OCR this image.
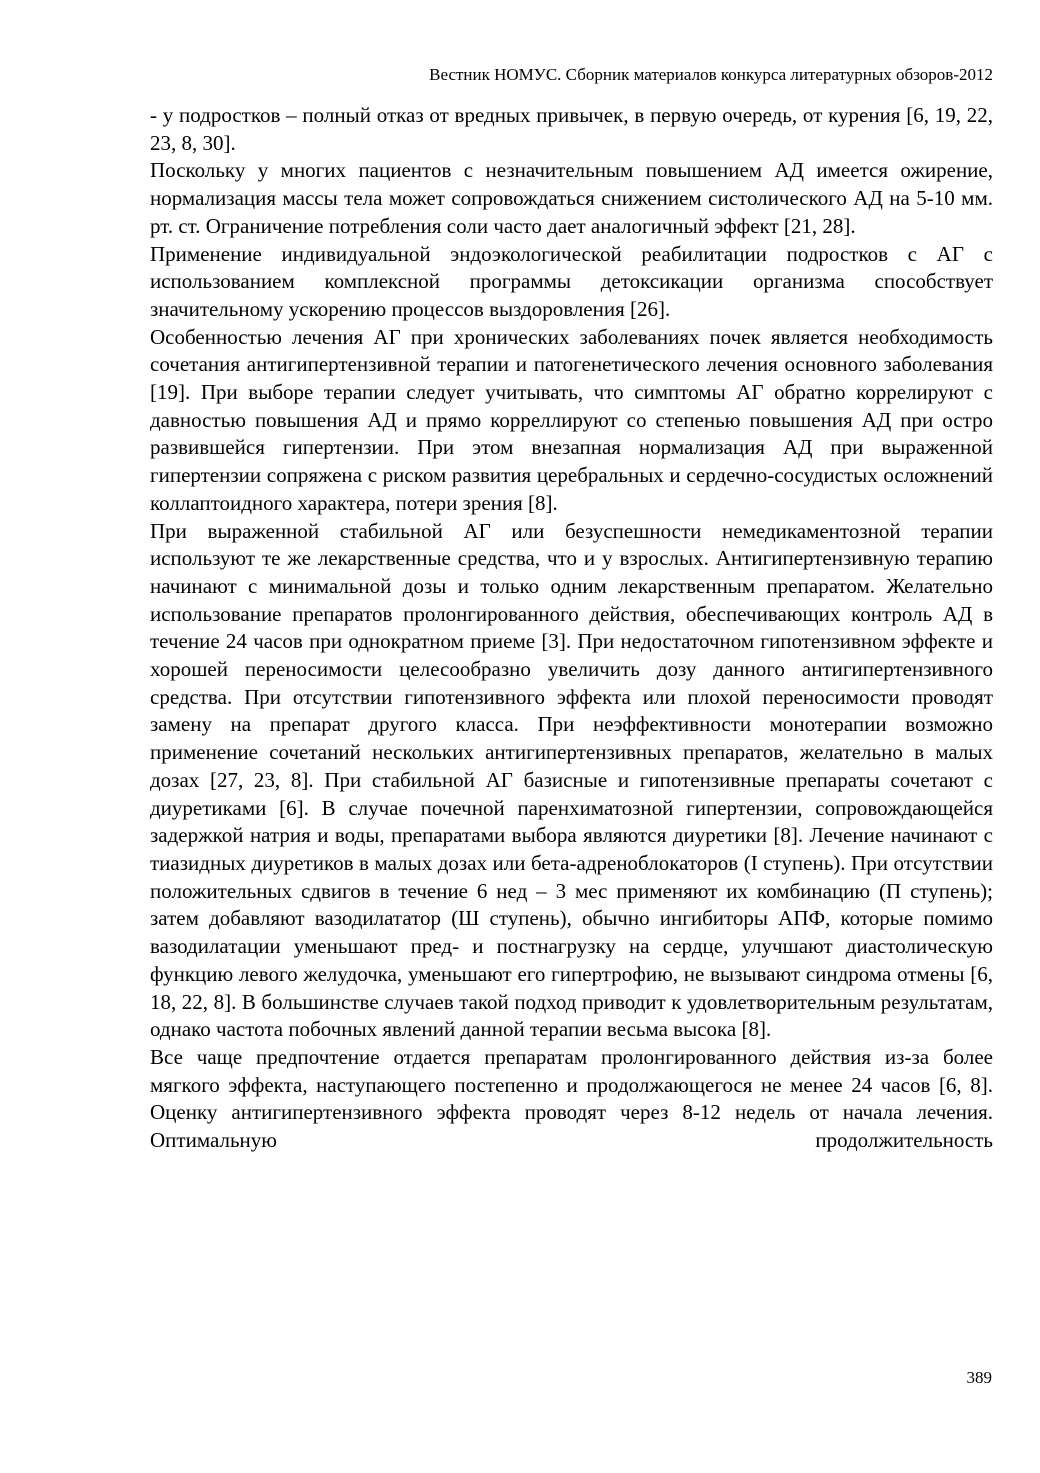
Вестник НОМУС. Сборник материалов конкурса литературных обзоров-2012

- у подростков – полный отказ от вредных привычек, в первую очередь, от курения [6, 19, 22, 23, 8, 30].

Поскольку у многих пациентов с незначительным повышением АД имеется ожирение, нормализация массы тела может сопровождаться снижением систолического АД на 5-10 мм. рт. ст. Ограничение потребления соли часто дает аналогичный эффект [21, 28].

Применение индивидуальной эндоэкологической реабилитации подростков с АГ с использованием комплексной программы детоксикации организма способствует значительному ускорению процессов выздоровления [26].

Особенностью лечения АГ при хронических заболеваниях почек является необходимость сочетания антигипертензивной терапии и патогенетического лечения основного заболевания [19]. При выборе терапии следует учитывать, что симптомы АГ обратно коррелируют с давностью повышения АД и прямо корреллируют со степенью повышения АД при остро развившейся гипертензии. При этом внезапная нормализация АД при выраженной гипертензии сопряжена с риском развития церебральных и сердечно-сосудистых осложнений коллаптоидного характера, потери зрения [8].

При выраженной стабильной АГ или безуспешности немедикаментозной терапии используют те же лекарственные средства, что и у взрослых. Антигипертензивную терапию начинают с минимальной дозы и только одним лекарственным препаратом. Желательно использование препаратов пролонгированного действия, обеспечивающих контроль АД в течение 24 часов при однократном приеме [3]. При недостаточном гипотензивном эффекте и хорошей переносимости целесообразно увеличить дозу данного антигипертензивного средства. При отсутствии гипотензивного эффекта или плохой переносимости проводят замену на препарат другого класса. При неэффективности монотерапии возможно применение сочетаний нескольких антигипертензивных препаратов, желательно в малых дозах [27, 23, 8]. При стабильной АГ базисные и гипотензивные препараты сочетают с диуретиками [6]. В случае почечной паренхиматозной гипертензии, сопровождающейся задержкой натрия и воды, препаратами выбора являются диуретики [8]. Лечение начинают с тиазидных диуретиков в малых дозах или бета-адреноблокаторов (I ступень). При отсутствии положительных сдвигов в течение 6 нед – 3 мес применяют их комбинацию (П ступень); затем добавляют вазодилататор (Ш ступень), обычно ингибиторы АПФ, которые помимо вазодилатации уменьшают пред- и постнагрузку на сердце, улучшают диастолическую функцию левого желудочка, уменьшают его гипертрофию, не вызывают синдрома отмены [6, 18, 22, 8]. В большинстве случаев такой подход приводит к удовлетворительным результатам, однако частота побочных явлений данной терапии весьма высока [8].

Все чаще предпочтение отдается препаратам пролонгированного действия из-за более мягкого эффекта, наступающего постепенно и продолжающегося не менее 24 часов [6, 8]. Оценку антигипертензивного эффекта проводят через 8-12 недель от начала лечения. Оптимальную продолжительность

389
